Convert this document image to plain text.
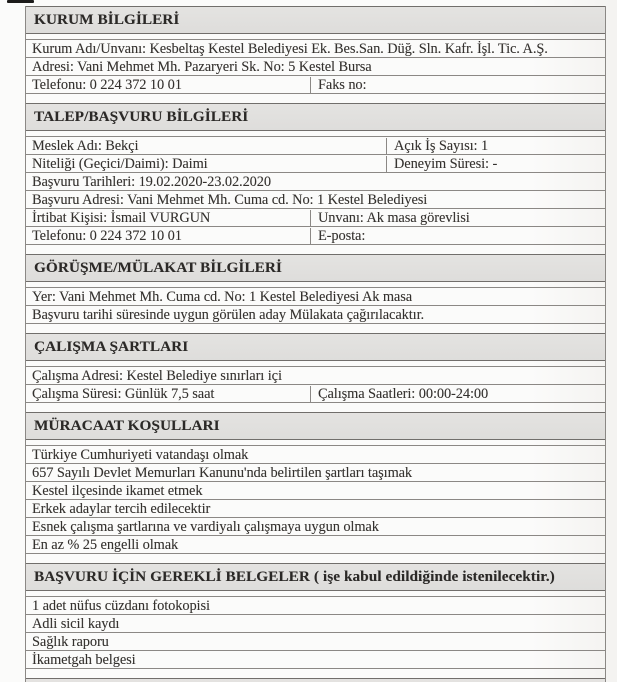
KURUM BİLGİLERİ
Kurum Adı/Unvanı: Kesbeltaş Kestel Belediyesi Ek. Bes.San. Düğ. Sln. Kafr. İşl. Tic. A.Ş.
Adresi: Vani Mehmet Mh. Pazaryeri Sk. No: 5 Kestel Bursa
Telefonu: 0 224 372 10 01	Faks no:
TALEP/BAŞVURU BİLGİLERİ
Meslek Adı: Bekçi	Açık İş Sayısı: 1
Niteliği (Geçici/Daimi): Daimi	Deneyim Süresi: -
Başvuru Tarihleri: 19.02.2020-23.02.2020
Başvuru Adresi: Vani Mehmet Mh. Cuma cd. No: 1 Kestel Belediyesi
İrtibat Kişisi: İsmail VURGUN	Unvanı: Ak masa görevlisi
Telefonu: 0 224 372 10 01	E-posta:
GÖRÜŞME/MÜLAKAT BİLGİLERİ
Yer: Vani Mehmet Mh. Cuma cd. No: 1 Kestel Belediyesi Ak masa
Başvuru tarihi süresinde uygun görülen aday Mülakata çağırılacaktır.
ÇALIŞMA ŞARTLARI
Çalışma Adresi: Kestel Belediye sınırları içi
Çalışma Süresi: Günlük 7,5 saat	Çalışma Saatleri: 00:00-24:00
MÜRACAAT KOŞULLARI
Türkiye Cumhuriyeti vatandaşı olmak
657 Sayılı Devlet Memurları Kanunu'nda belirtilen şartları taşımak
Kestel ilçesinde ikamet etmek
Erkek adaylar tercih edilecektir
Esnek çalışma şartlarına ve vardiyalı çalışmaya uygun olmak
En az % 25 engelli olmak
BAŞVURU İÇİN GEREKLİ BELGELER ( işe kabul edildiğinde istenilecektir.)
1 adet nüfus cüzdanı fotokopisi
Adli sicil kaydı
Sağlık raporu
İkametgah belgesi
